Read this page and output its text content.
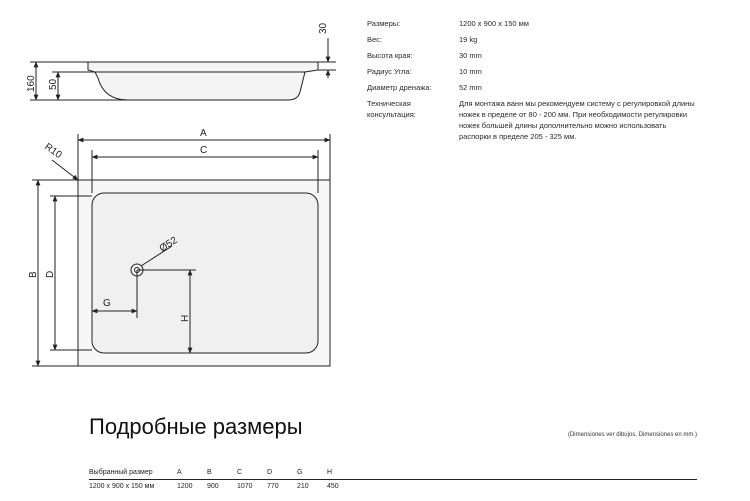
30
160 50
A
C
R10
B D
Ø52
G
H
Размеры:	1200 x 900 x 150 мм
Вес:	19 kg
Высота края:	30 mm
Радиус Угла:	10 mm
Диаметр дренажа:	52 mm
Техническая консультация:
Для монтажа ванн мы рекомендуем систему с регулировкой длины ножек в пределе от 80 - 200 мм. При необходимости регулировки ножек большей длины дополнительно можно использовать распорки в пределе 205 - 325 мм.
Подробные размеры	(Dimensiones ver dibujos. Dimensiones en mm.)
Выбранный размер	A	B	C	D	G	H
1200 x 900 x 150 мм	1200	900	1070	770	210	450
